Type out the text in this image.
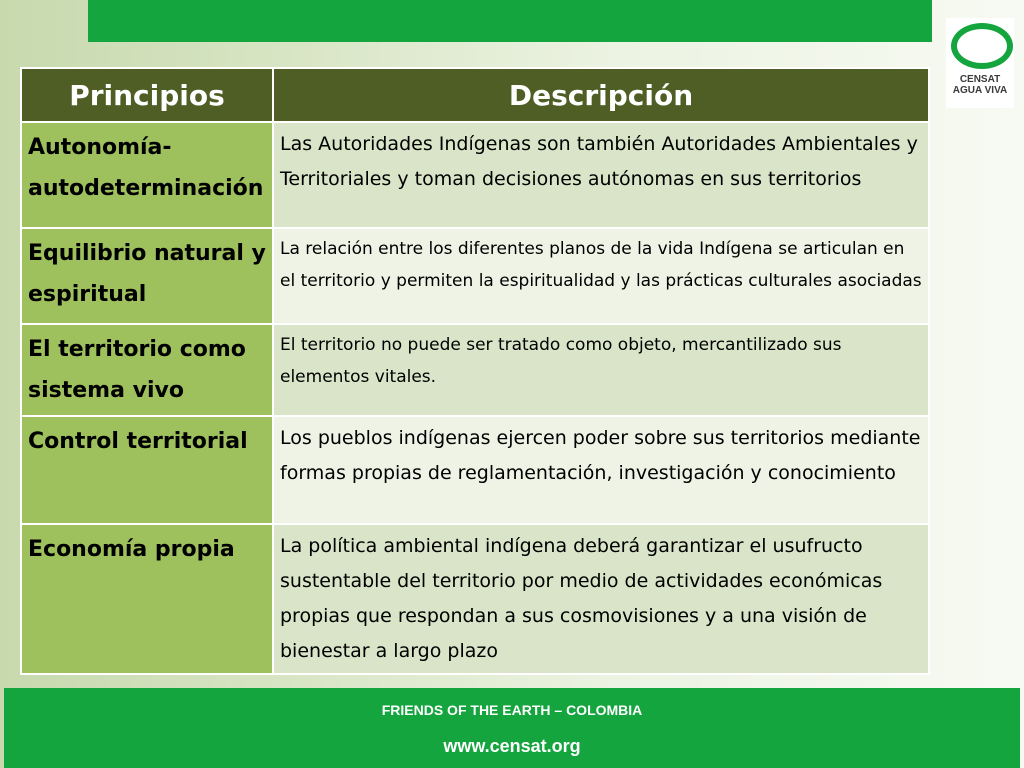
CENSAT
AGUA VIVA
Principios	Descripción
Autonomía-autodeterminación	Las Autoridades Indígenas son también Autoridades Ambientales y Territoriales y toman decisiones autónomas en sus territorios
Equilibrio natural y espiritual	La relación entre los diferentes planos de la vida Indígena se articulan en el territorio y permiten la espiritualidad y las prácticas culturales asociadas
El territorio como sistema vivo	El territorio no puede ser tratado como objeto, mercantilizado sus elementos vitales.
Control territorial	Los pueblos indígenas ejercen poder sobre sus territorios mediante formas propias de reglamentación, investigación y conocimiento
Economía propia	La política ambiental indígena deberá garantizar el usufructo sustentable del territorio por medio de actividades económicas propias que respondan a sus cosmovisiones y a una visión de bienestar a largo plazo
FRIENDS OF THE EARTH – COLOMBIA
www.censat.org
